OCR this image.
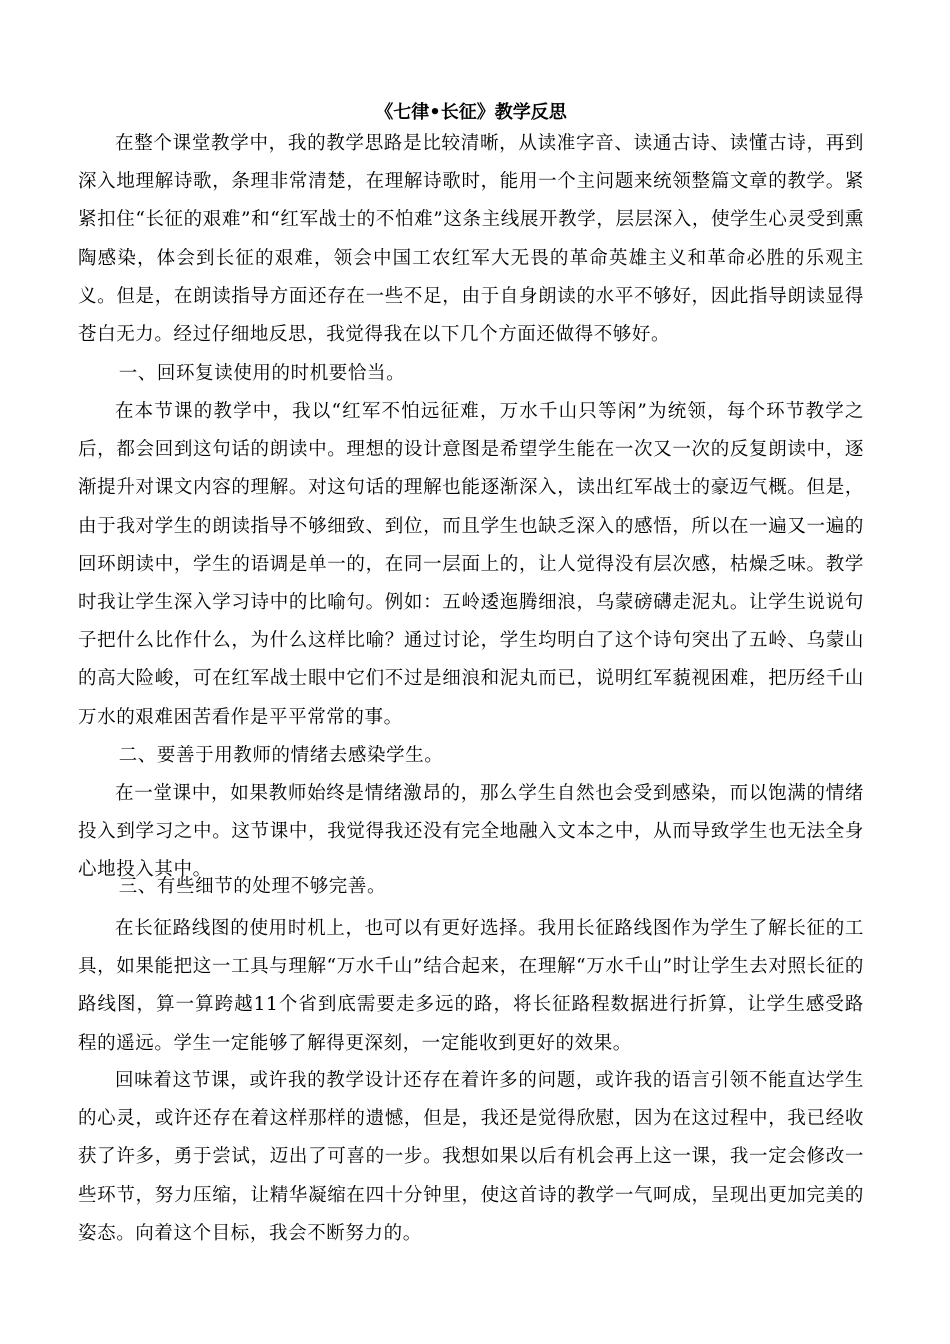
《七律•长征》教学反思

在整个课堂教学中，我的教学思路是比较清晰，从读准字音、读通古诗、读懂古诗，再到深入地理解诗歌，条理非常清楚，在理解诗歌时，能用一个主问题来统领整篇文章的教学。紧紧扣住“长征的艰难”和“红军战士的不怕难”这条主线展开教学，层层深入，使学生心灵受到熏陶感染，体会到长征的艰难，领会中国工农红军大无畏的革命英雄主义和革命必胜的乐观主义。但是，在朗读指导方面还存在一些不足，由于自身朗读的水平不够好，因此指导朗读显得苍白无力。经过仔细地反思，我觉得我在以下几个方面还做得不够好。

一、回环复读使用的时机要恰当。

在本节课的教学中，我以“红军不怕远征难，万水千山只等闲”为统领，每个环节教学之后，都会回到这句话的朗读中。理想的设计意图是希望学生能在一次又一次的反复朗读中，逐渐提升对课文内容的理解。对这句话的理解也能逐渐深入，读出红军战士的豪迈气概。但是，由于我对学生的朗读指导不够细致、到位，而且学生也缺乏深入的感悟，所以在一遍又一遍的回环朗读中，学生的语调是单一的，在同一层面上的，让人觉得没有层次感，枯燥乏味。教学时我让学生深入学习诗中的比喻句。例如：五岭逶迤腾细浪，乌蒙磅礴走泥丸。让学生说说句子把什么比作什么，为什么这样比喻？通过讨论，学生均明白了这个诗句突出了五岭、乌蒙山的高大险峻，可在红军战士眼中它们不过是细浪和泥丸而已，说明红军藐视困难，把历经千山万水的艰难困苦看作是平平常常的事。

二、要善于用教师的情绪去感染学生。

在一堂课中，如果教师始终是情绪激昂的，那么学生自然也会受到感染，而以饱满的情绪投入到学习之中。这节课中，我觉得我还没有完全地融入文本之中，从而导致学生也无法全身心地投入其中。

三、有些细节的处理不够完善。

在长征路线图的使用时机上，也可以有更好选择。我用长征路线图作为学生了解长征的工具，如果能把这一工具与理解“万水千山”结合起来，在理解“万水千山”时让学生去对照长征的路线图，算一算跨越11个省到底需要走多远的路，将长征路程数据进行折算，让学生感受路程的遥远。学生一定能够了解得更深刻，一定能收到更好的效果。

回味着这节课，或许我的教学设计还存在着许多的问题，或许我的语言引领不能直达学生的心灵，或许还存在着这样那样的遗憾，但是，我还是觉得欣慰，因为在这过程中，我已经收获了许多，勇于尝试，迈出了可喜的一步。我想如果以后有机会再上这一课，我一定会修改一些环节，努力压缩，让精华凝缩在四十分钟里，使这首诗的教学一气呵成，呈现出更加完美的姿态。向着这个目标，我会不断努力的。
